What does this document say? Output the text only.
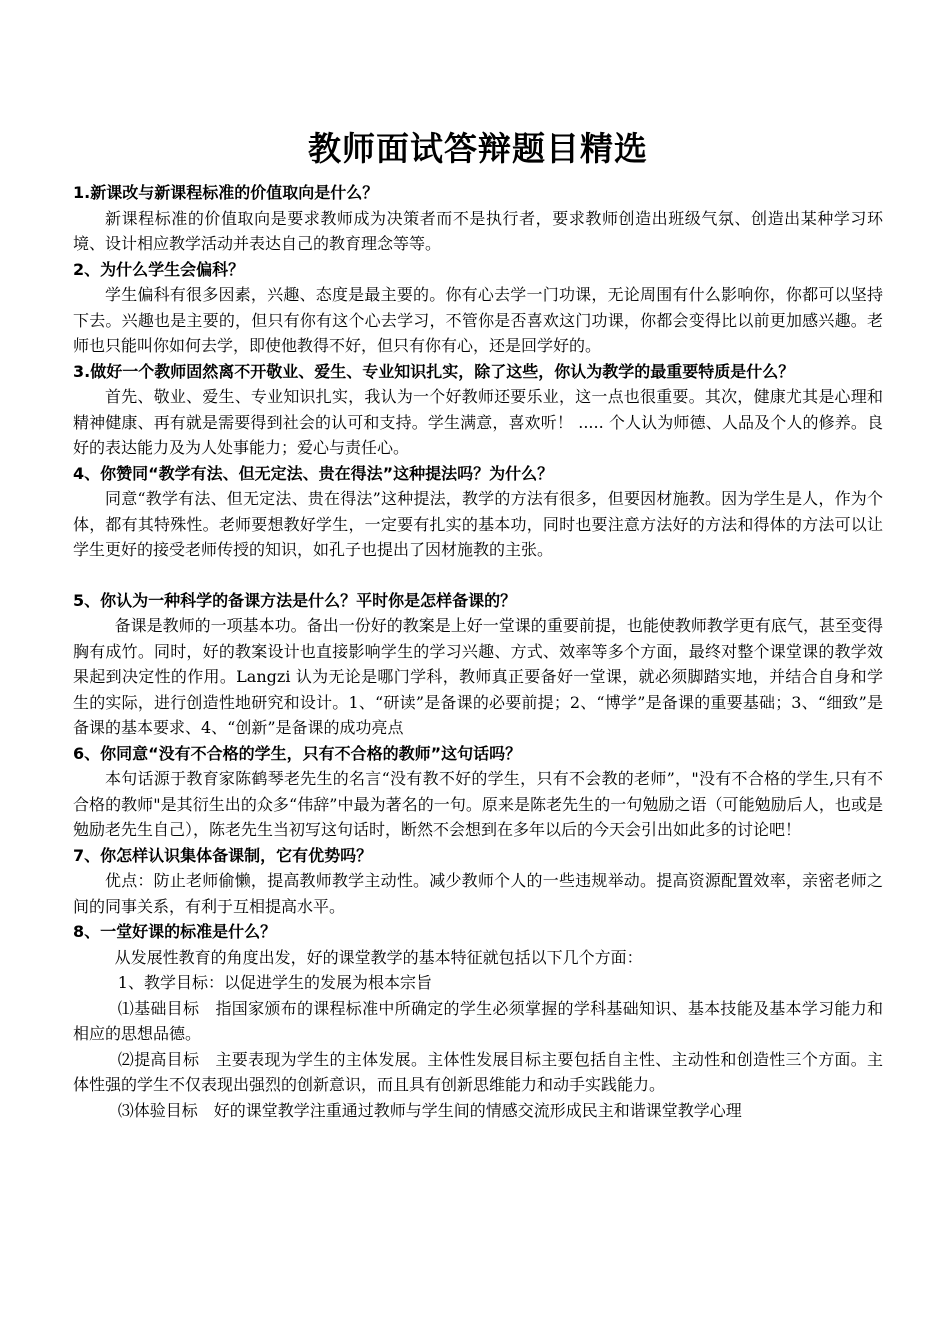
教师面试答辩题目精选

1.新课改与新课程标准的价值取向是什么？

新课程标准的价值取向是要求教师成为决策者而不是执行者，要求教师创造出班级气氛、创造出某种学习环境、设计相应教学活动并表达自己的教育理念等等。

2、为什么学生会偏科？

学生偏科有很多因素，兴趣、态度是最主要的。你有心去学一门功课，无论周围有什么影响你，你都可以坚持下去。兴趣也是主要的，但只有你有这个心去学习，不管你是否喜欢这门功课，你都会变得比以前更加感兴趣。老师也只能叫你如何去学，即使他教得不好，但只有你有心，还是回学好的。

3.做好一个教师固然离不开敬业、爱生、专业知识扎实，除了这些，你认为教学的最重要特质是什么？

首先、敬业、爱生、专业知识扎实，我认为一个好教师还要乐业，这一点也很重要。其次，健康尤其是心理和精神健康、再有就是需要得到社会的认可和支持。学生满意，喜欢听！ ..... 个人认为师德、人品及个人的修养。良好的表达能力及为人处事能力；爱心与责任心。

4、你赞同“教学有法、但无定法、贵在得法”这种提法吗？为什么？

同意“教学有法、但无定法、贵在得法”这种提法，教学的方法有很多，但要因材施教。因为学生是人，作为个体，都有其特殊性。老师要想教好学生，一定要有扎实的基本功，同时也要注意方法好的方法和得体的方法可以让学生更好的接受老师传授的知识，如孔子也提出了因材施教的主张。

5、你认为一种科学的备课方法是什么？平时你是怎样备课的？

备课是教师的一项基本功。备出一份好的教案是上好一堂课的重要前提，也能使教师教学更有底气，甚至变得胸有成竹。同时，好的教案设计也直接影响学生的学习兴趣、方式、效率等多个方面，最终对整个课堂课的教学效果起到决定性的作用。Langzi 认为无论是哪门学科，教师真正要备好一堂课，就必须脚踏实地，并结合自身和学生的实际，进行创造性地研究和设计。1、“研读”是备课的必要前提；2、“博学”是备课的重要基础；3、“细致”是备课的基本要求、4、“创新”是备课的成功亮点

6、你同意“没有不合格的学生，只有不合格的教师”这句话吗？

本句话源于教育家陈鹤琴老先生的名言“没有教不好的学生，只有不会教的老师”，"没有不合格的学生,只有不合格的教师"是其衍生出的众多“伟辞”中最为著名的一句。原来是陈老先生的一句勉励之语（可能勉励后人，也或是勉励老先生自己），陈老先生当初写这句话时，断然不会想到在多年以后的今天会引出如此多的讨论吧！

7、你怎样认识集体备课制，它有优势吗？

优点：防止老师偷懒，提高教师教学主动性。减少教师个人的一些违规举动。提高资源配置效率，亲密老师之间的同事关系，有利于互相提高水平。

8、一堂好课的标准是什么？

从发展性教育的角度出发，好的课堂教学的基本特征就包括以下几个方面：

1、教学目标：以促进学生的发展为根本宗旨

⑴基础目标　指国家颁布的课程标准中所确定的学生必须掌握的学科基础知识、基本技能及基本学习能力和相应的思想品德。

⑵提高目标　主要表现为学生的主体发展。主体性发展目标主要包括自主性、主动性和创造性三个方面。主体性强的学生不仅表现出强烈的创新意识，而且具有创新思维能力和动手实践能力。

⑶体验目标　好的课堂教学注重通过教师与学生间的情感交流形成民主和谐课堂教学心理
